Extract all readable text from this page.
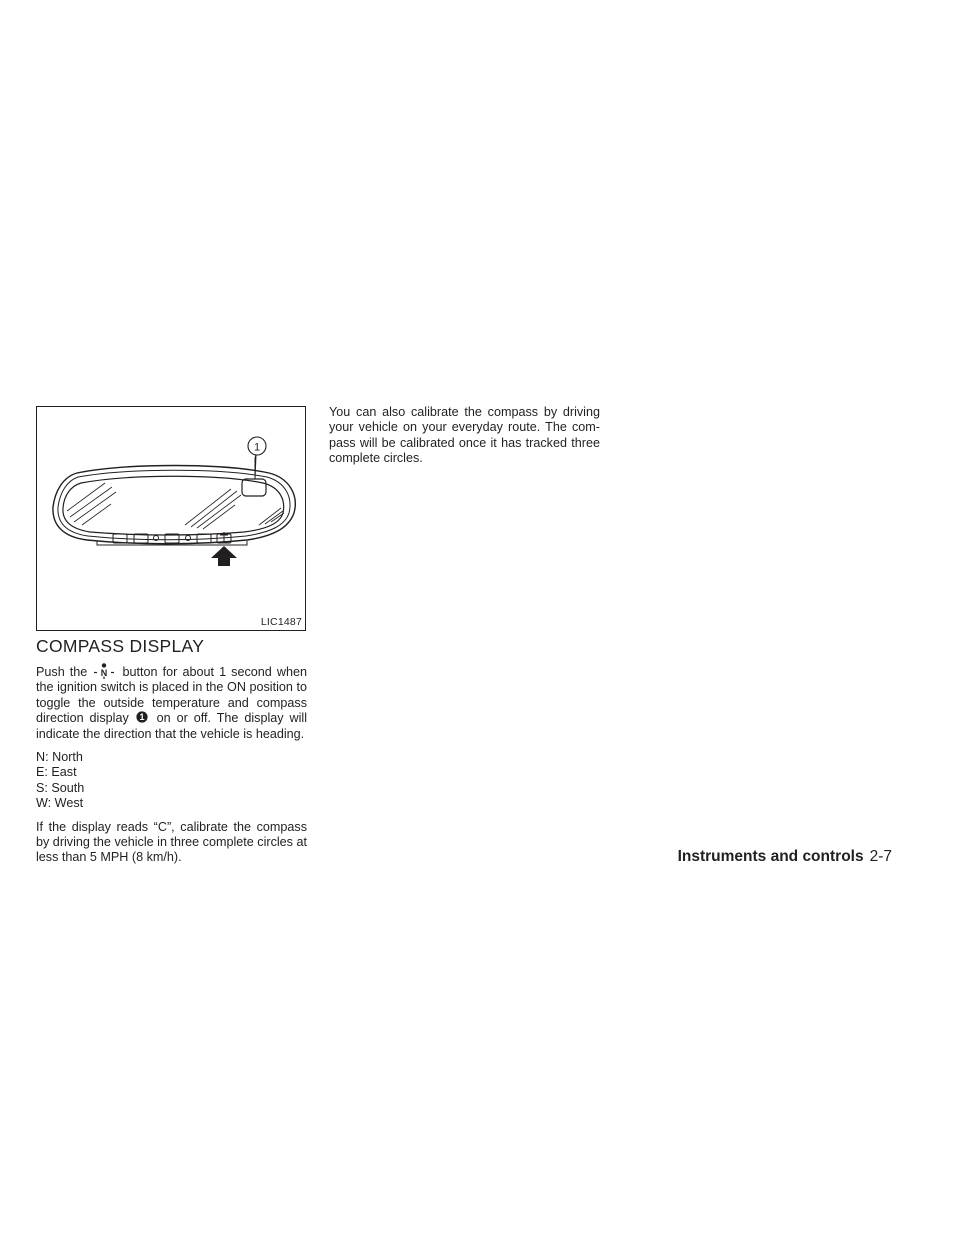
1
LIC1487
COMPASS DISPLAY

Push the N button for about 1 second when the ignition switch is placed in the ON position to toggle the outside temperature and compass direction display 1 on or off. The display will indicate the direction that the vehicle is heading.

N: North
E: East
S: South
W: West

If the display reads “C”, calibrate the compass by driving the vehicle in three complete circles at less than 5 MPH (8 km/h).

You can also calibrate the compass by driving your vehicle on your everyday route. The com- pass will be calibrated once it has tracked three complete circles.

Instruments and controls 2-7
